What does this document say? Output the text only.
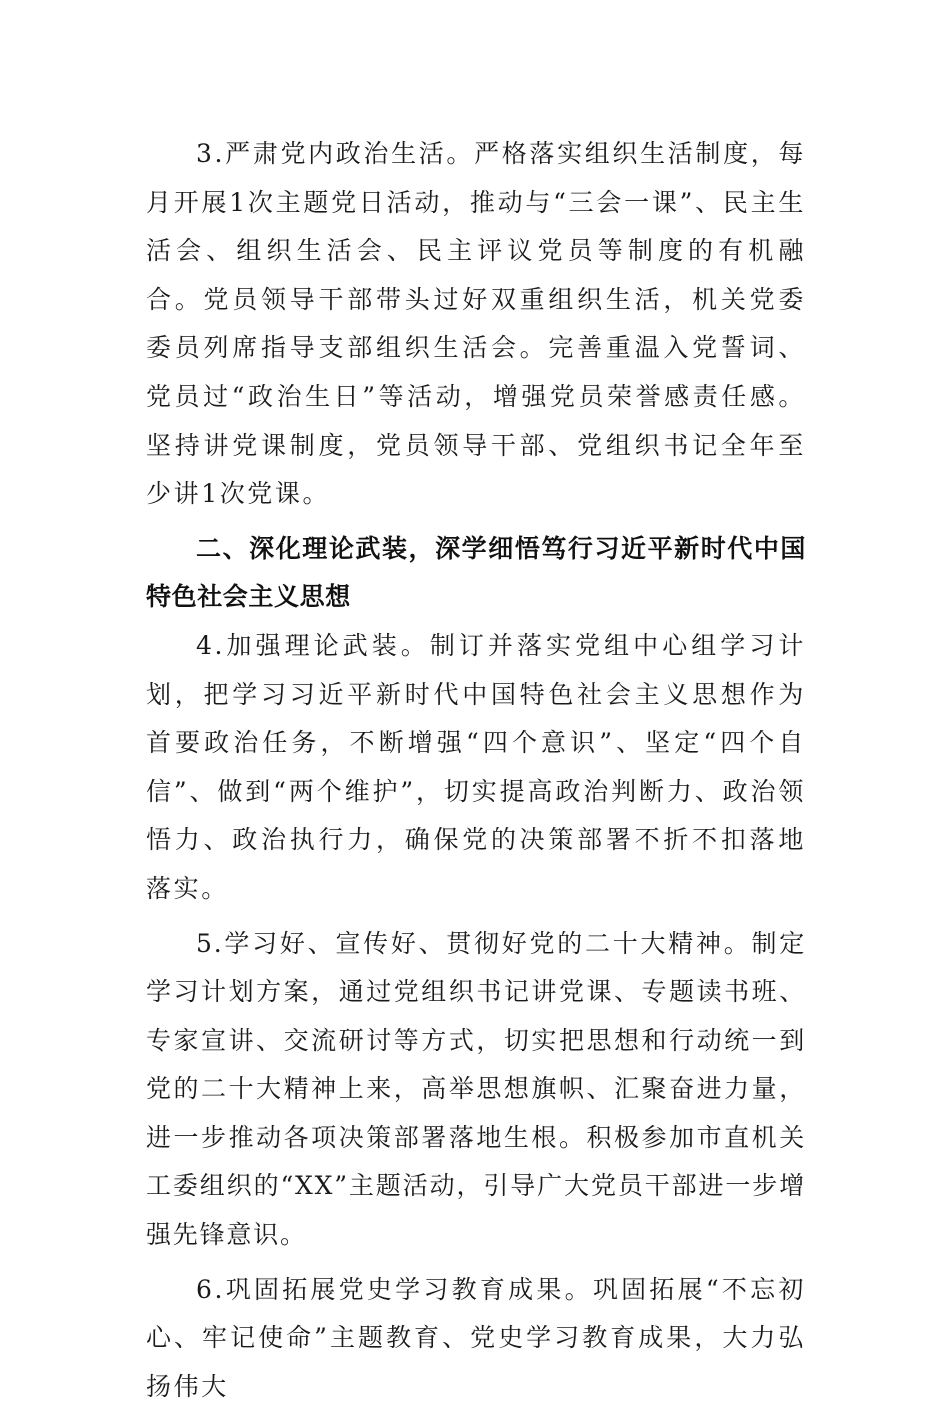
3.严肃党内政治生活。严格落实组织生活制度，每月开展1次主题党日活动，推动与“三会一课”、民主生活会、组织生活会、民主评议党员等制度的有机融合。党员领导干部带头过好双重组织生活，机关党委委员列席指导支部组织生活会。完善重温入党誓词、党员过“政治生日”等活动，增强党员荣誉感责任感。坚持讲党课制度，党员领导干部、党组织书记全年至少讲1次党课。

二、深化理论武装，深学细悟笃行习近平新时代中国特色社会主义思想

4.加强理论武装。制订并落实党组中心组学习计划，把学习习近平新时代中国特色社会主义思想作为首要政治任务，不断增强“四个意识”、坚定“四个自信”、做到“两个维护”，切实提高政治判断力、政治领悟力、政治执行力，确保党的决策部署不折不扣落地落实。

5.学习好、宣传好、贯彻好党的二十大精神。制定学习计划方案，通过党组织书记讲党课、专题读书班、专家宣讲、交流研讨等方式，切实把思想和行动统一到党的二十大精神上来，高举思想旗帜、汇聚奋进力量，进一步推动各项决策部署落地生根。积极参加市直机关工委组织的“XX”主题活动，引导广大党员干部进一步增强先锋意识。

6.巩固拓展党史学习教育成果。巩固拓展“不忘初心、牢记使命”主题教育、党史学习教育成果，大力弘扬伟大
